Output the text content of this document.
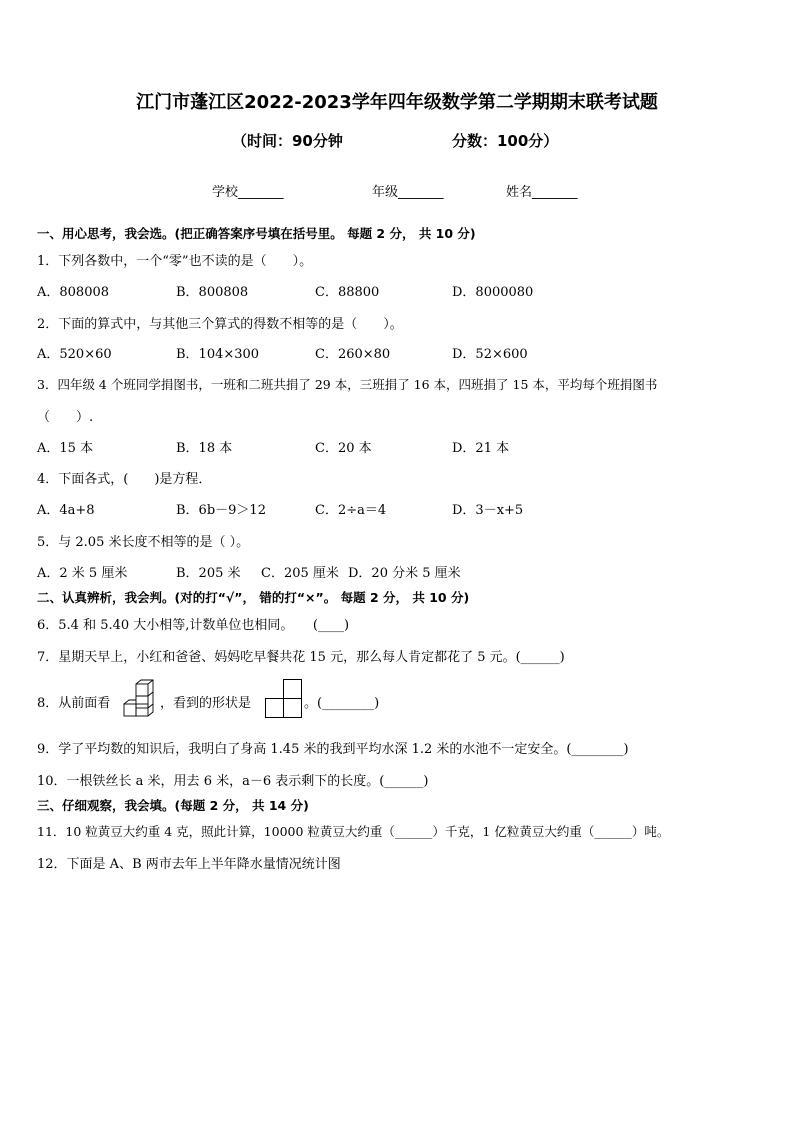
江门市蓬江区2022-2023学年四年级数学第二学期期末联考试题
（时间：90分钟	分数：100分）
学校_______	年级_______	姓名_______
一、用心思考，我会选。(把正确答案序号填在括号里。 每题 2 分， 共 10 分)
1．下列各数中，一个“零”也不读的是（　　）。
A．808008	B．800808	C．88800	D．8000080
2．下面的算式中，与其他三个算式的得数不相等的是（　　）。
A．520×60	B．104×300	C．260×80	D．52×600
3．四年级 4 个班同学捐图书，一班和二班共捐了 29 本，三班捐了 16 本，四班捐了 15 本，平均每个班捐图书
（　　）.
A．15 本	B．18 本	C．20 本	D．21 本
4．下面各式，(　　)是方程．
A．4a+8	B．6b－9＞12	C．2÷a＝4	D．3－x+5
5．与 2.05 米长度不相等的是（ ）。
A．2 米 5 厘米	B．205 米 C．205 厘米 D．20 分米 5 厘米
二、认真辨析，我会判。(对的打“√”， 错的打“×”。 每题 2 分， 共 10 分)
6．5.4 和 5.40 大小相等,计数单位也相同。　　(____)
7．星期天早上，小红和爸爸、妈妈吃早餐共花 15 元，那么每人肯定都花了 5 元。(______)
8．从前面看	，看到的形状是	。(________)
9．学了平均数的知识后，我明白了身高 1.45 米的我到平均水深 1.2 米的水池不一定安全。(________)
10．一根铁丝长 a 米，用去 6 米，a－6 表示剩下的长度。(______)
三、仔细观察，我会填。(每题 2 分， 共 14 分)
11．10 粒黄豆大约重 4 克，照此计算，10000 粒黄豆大约重（______）千克，1 亿粒黄豆大约重（______）吨。
12．下面是 A、B 两市去年上半年降水量情况统计图
